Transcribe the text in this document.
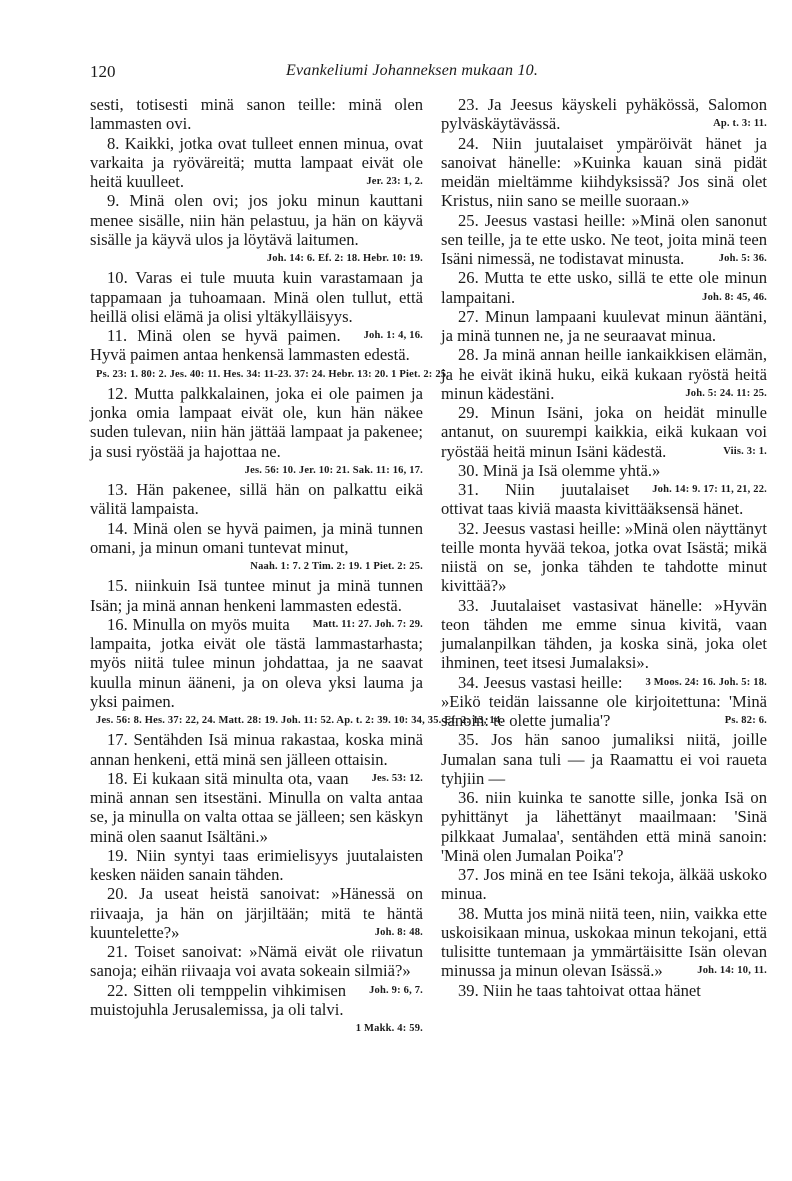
120	Evankeliumi Johanneksen mukaan 10.

sesti, totisesti minä sanon teille: minä olen lammasten ovi.

8. Kaikki, jotka ovat tulleet ennen minua, ovat varkaita ja ryöväreitä; mutta lampaat eivät ole heitä kuulleet.	Jer. 23: 1, 2.

9. Minä olen ovi; jos joku minun kauttani menee sisälle, niin hän pelastuu, ja hän on käyvä sisälle ja käyvä ulos ja löytävä laitumen.
Joh. 14: 6. Ef. 2: 18. Hebr. 10: 19.

10. Varas ei tule muuta kuin varastamaan ja tappamaan ja tuhoamaan. Minä olen tullut, että heillä olisi elämä ja olisi yltäkylläisyys.
Joh. 1: 4, 16.

11. Minä olen se hyvä paimen. Hyvä paimen antaa henkensä lammasten edestä.
Ps. 23: 1. 80: 2. Jes. 40: 11. Hes. 34: 11-23. 37: 24. Hebr. 13: 20. 1 Piet. 2: 25.

12. Mutta palkkalainen, joka ei ole paimen ja jonka omia lampaat eivät ole, kun hän näkee suden tulevan, niin hän jättää lampaat ja pakenee; ja susi ryöstää ja hajottaa ne.
Jes. 56: 10. Jer. 10: 21. Sak. 11: 16, 17.

13. Hän pakenee, sillä hän on palkattu eikä välitä lampaista.

14. Minä olen se hyvä paimen, ja minä tunnen omani, ja minun omani tuntevat minut,
Naah. 1: 7. 2 Tim. 2: 19. 1 Piet. 2: 25.

15. niinkuin Isä tuntee minut ja minä tunnen Isän; ja minä annan henkeni lammasten edestä.
Matt. 11: 27. Joh. 7: 29.

16. Minulla on myös muita lampaita, jotka eivät ole tästä lammastarhasta; myös niitä tulee minun johdattaa, ja ne saavat kuulla minun ääneni, ja on oleva yksi lauma ja yksi paimen.
Jes. 56: 8. Hes. 37: 22, 24. Matt. 28: 19. Joh. 11: 52. Ap. t. 2: 39. 10: 34, 35. Ef. 2: 13, 14.

17. Sentähden Isä minua rakastaa, koska minä annan henkeni, että minä sen jälleen ottaisin.
Jes. 53: 12.

18. Ei kukaan sitä minulta ota, vaan minä annan sen itsestäni. Minulla on valta antaa se, ja minulla on valta ottaa se jälleen; sen käskyn minä olen saanut Isältäni.»

19. Niin syntyi taas erimielisyys juutalaisten kesken näiden sanain tähden.

20. Ja useat heistä sanoivat: »Hänessä on riivaaja, ja hän on järjiltään; mitä te häntä kuuntelette?»	Joh. 8: 48.

21. Toiset sanoivat: »Nämä eivät ole riivatun sanoja; eihän riivaaja voi avata sokeain silmiä?»
Joh. 9: 6, 7.

22. Sitten oli temppelin vihkimisen muistojuhla Jerusalemissa, ja oli talvi.
1 Makk. 4: 59.

23. Ja Jeesus käyskeli pyhäkössä, Salomon pylväskäytävässä.	Ap. t. 3: 11.

24. Niin juutalaiset ympäröivät hänet ja sanoivat hänelle: »Kuinka kauan sinä pidät meidän mieltämme kiihdyksissä? Jos sinä olet Kristus, niin sano se meille suoraan.»

25. Jeesus vastasi heille: »Minä olen sanonut sen teille, ja te ette usko. Ne teot, joita minä teen Isäni nimessä, ne todistavat minusta.	Joh. 5: 36.

26. Mutta te ette usko, sillä te ette ole minun lampaitani.	Joh. 8: 45, 46.

27. Minun lampaani kuulevat minun ääntäni, ja minä tunnen ne, ja ne seuraavat minua.

28. Ja minä annan heille iankaikkisen elämän, ja he eivät ikinä huku, eikä kukaan ryöstä heitä minun kädestäni.	Joh. 5: 24. 11: 25.

29. Minun Isäni, joka on heidät minulle antanut, on suurempi kaikkia, eikä kukaan voi ryöstää heitä minun Isäni kädestä.	Viis. 3: 1.

30. Minä ja Isä olemme yhtä.»
Joh. 14: 9. 17: 11, 21, 22.

31. Niin juutalaiset ottivat taas kiviä maasta kivittääksensä hänet.

32. Jeesus vastasi heille: »Minä olen näyttänyt teille monta hyvää tekoa, jotka ovat Isästä; mikä niistä on se, jonka tähden te tahdotte minut kivittää?»

33. Juutalaiset vastasivat hänelle: »Hyvän teon tähden me emme sinua kivitä, vaan jumalanpilkan tähden, ja koska sinä, joka olet ihminen, teet itsesi Jumalaksi».
3 Moos. 24: 16. Joh. 5: 18.

34. Jeesus vastasi heille: »Eikö teidän laissanne ole kirjoitettuna: 'Minä sanoin: te olette jumalia'?	Ps. 82: 6.

35. Jos hän sanoo jumaliksi niitä, joille Jumalan sana tuli — ja Raamattu ei voi raueta tyhjiin —

36. niin kuinka te sanotte sille, jonka Isä on pyhittänyt ja lähettänyt maailmaan: 'Sinä pilkkaat Jumalaa', sentähden että minä sanoin: 'Minä olen Jumalan Poika'?

37. Jos minä en tee Isäni tekoja, älkää uskoko minua.

38. Mutta jos minä niitä teen, niin, vaikka ette uskoisikaan minua, uskokaa minun tekojani, että tulisitte tuntemaan ja ymmärtäisitte Isän olevan minussa ja minun olevan Isässä.»	Joh. 14: 10, 11.

39. Niin he taas tahtoivat ottaa hänet
